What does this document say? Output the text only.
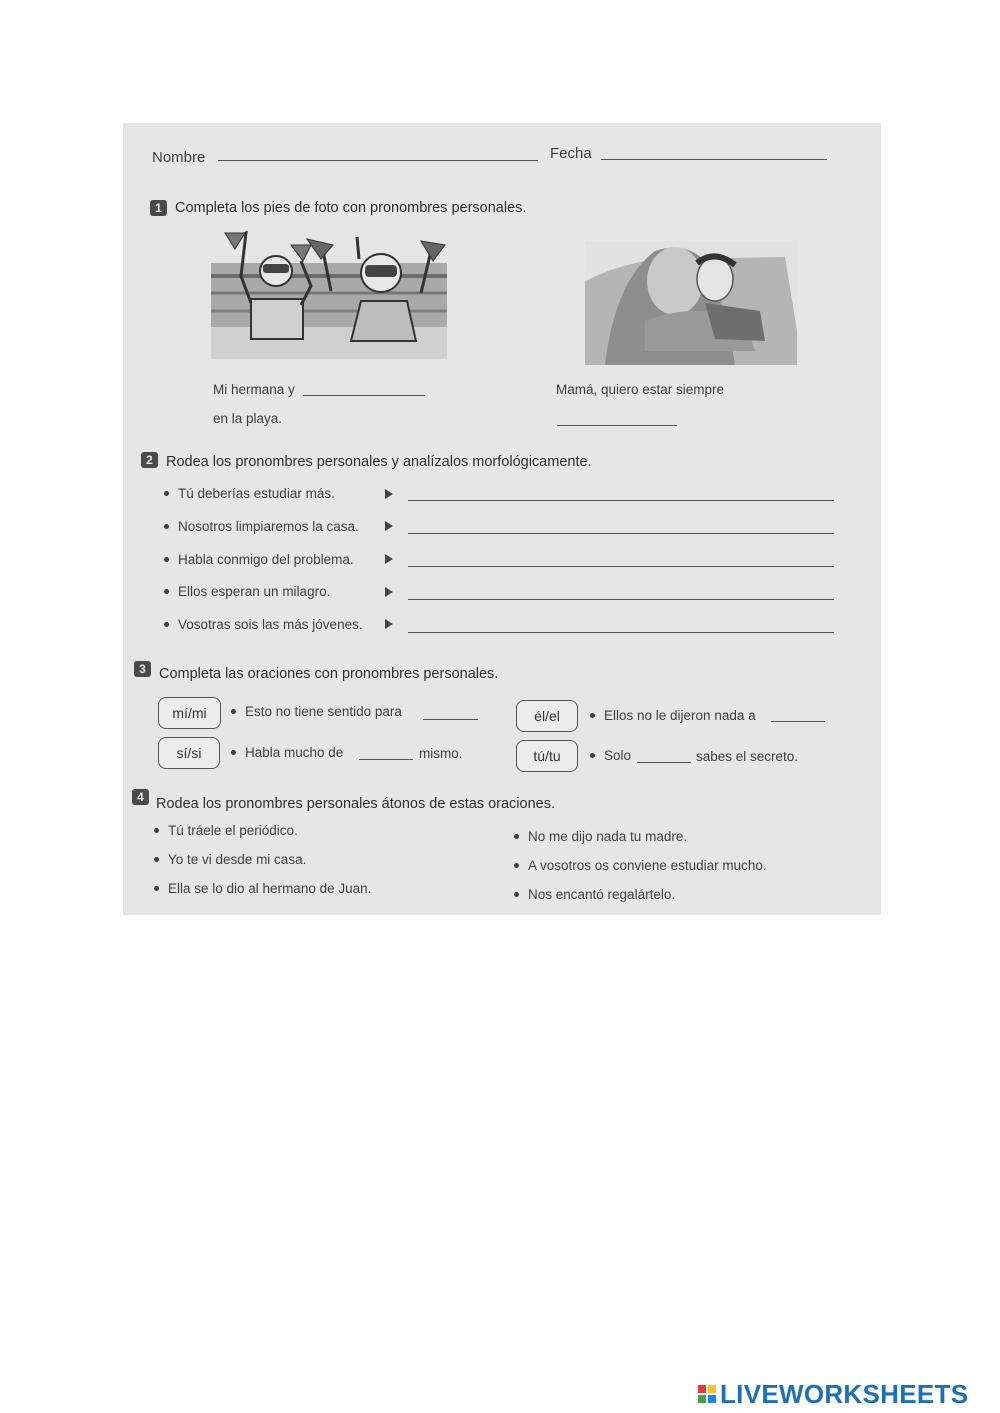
Nombre	Fecha
1 Completa los pies de foto con pronombres personales.
Mi hermana y
en la playa.
Mamá, quiero estar siempre
2 Rodea los pronombres personales y analízalos morfológicamente.
Tú deberías estudiar más.
Nosotros limpiaremos la casa.
Habla conmigo del problema.
Ellos esperan un milagro.
Vosotras sois las más jóvenes.
3 Completa las oraciones con pronombres personales.
mí/mi	Esto no tiene sentido para	él/el	Ellos no le dijeron nada a
sí/si	Habla mucho de	mismo.	tú/tu	Solo	sabes el secreto.
4 Rodea los pronombres personales átonos de estas oraciones.
Tú tráele el periódico.
Yo te vi desde mi casa.
Ella se lo dio al hermano de Juan.
No me dijo nada tu madre.
A vosotros os conviene estudiar mucho.
Nos encantó regalártelo.
LIVEWORKSHEETS
